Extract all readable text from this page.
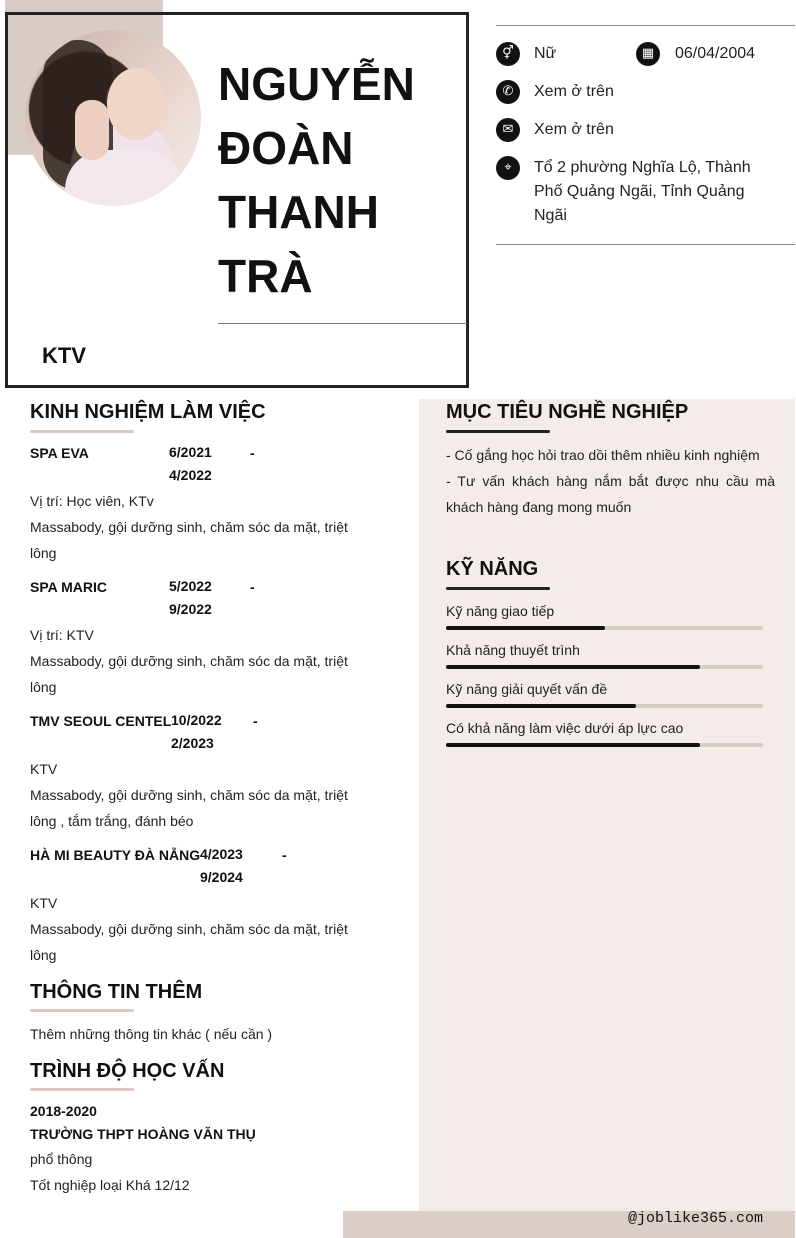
NGUYỄN ĐOÀN THANH TRÀ
KTV
⚥	Nữ	▦	06/04/2004
✆	Xem ở trên
✉	Xem ở trên
⌖	Tổ 2 phường Nghĩa Lộ, Thành Phố Quảng Ngãi, Tỉnh Quảng Ngãi
KINH NGHIỆM LÀM VIỆC
SPA EVA	6/2021	-
4/2022
Vị trí: Học viên, KTv
Massabody, gội dưỡng sinh, chăm sóc da mặt, triệt lông
SPA MARIC	5/2022	-
9/2022
Vị trí: KTV
Massabody, gội dưỡng sinh, chăm sóc da mặt, triệt lông
TMV SEOUL CENTEL 10/2022 -
2/2023
KTV
Massabody, gội dưỡng sinh, chăm sóc da mặt, triệt lông , tắm trắng, đánh béo
HÀ MI BEAUTY ĐÀ NẴNG 4/2023	-
9/2024
KTV
Massabody, gội dưỡng sinh, chăm sóc da mặt, triệt lông
THÔNG TIN THÊM
Thêm những thông tin khác ( nếu cần )
TRÌNH ĐỘ HỌC VẤN
2018-2020
TRƯỜNG THPT HOÀNG VĂN THỤ
phổ thông
Tốt nghiệp loại Khá 12/12
MỤC TIÊU NGHỀ NGHIỆP
- Cố gắng học hỏi trao dồi thêm nhiều kinh nghiệm
- Tư vấn khách hàng nắm bắt được nhu cầu mà khách hàng đang mong muốn
KỸ NĂNG
Kỹ năng giao tiếp
Khả năng thuyết trình
Kỹ năng giải quyết vấn đề
Có khả năng làm việc dưới áp lực cao
@joblike365.com
